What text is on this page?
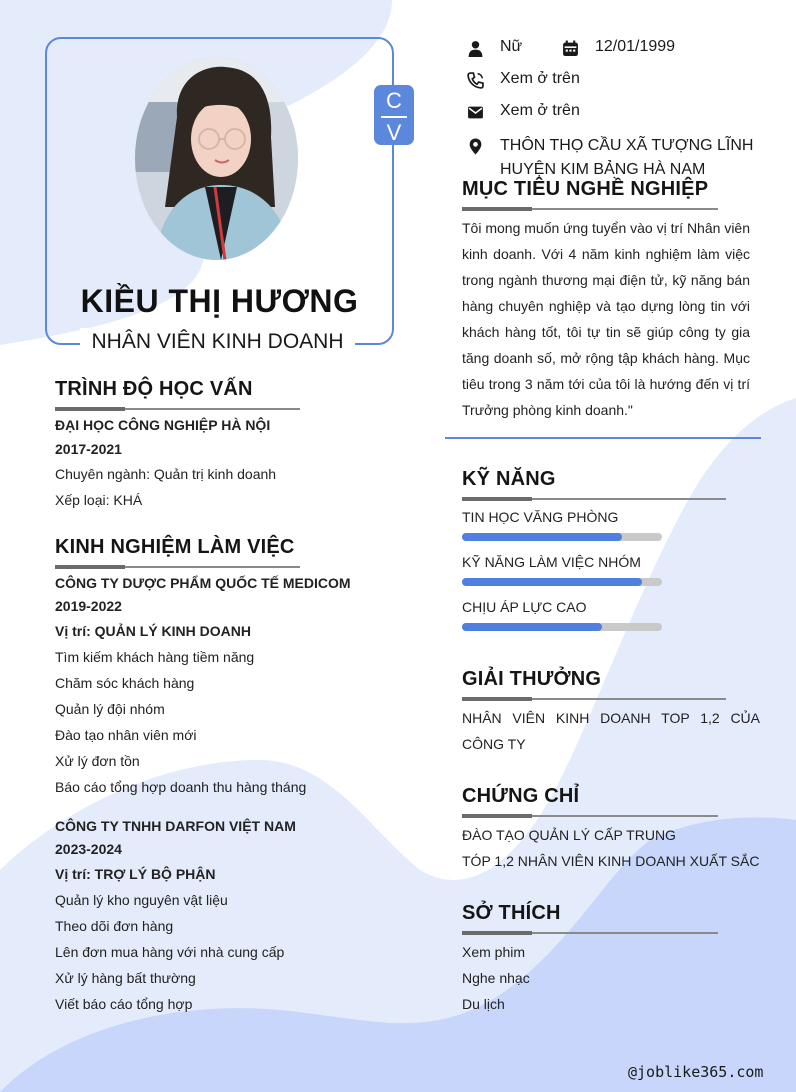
C
V
KIỀU THỊ HƯƠNG
NHÂN VIÊN KINH DOANH
Nữ	12/01/1999
Xem ở trên
Xem ở trên
THÔN THỌ CẦU XÃ TƯỢNG LĨNH
HUYỆN KIM BẢNG HÀ NAM
MỤC TIÊU NGHỀ NGHIỆP
Tôi mong muốn ứng tuyển vào vị trí Nhân viên kinh doanh. Với 4 năm kinh nghiệm làm việc trong ngành thương mại điện tử, kỹ năng bán hàng chuyên nghiệp và tạo dựng lòng tin với khách hàng tốt, tôi tự tin sẽ giúp công ty gia tăng doanh số, mở rộng tập khách hàng. Mục tiêu trong 3 năm tới của tôi là hướng đến vị trí Trưởng phòng kinh doanh."
TRÌNH ĐỘ HỌC VẤN
ĐẠI HỌC CÔNG NGHIỆP HÀ NỘI
2017-2021
Chuyên ngành: Quản trị kinh doanh
Xếp loại: KHÁ
KINH NGHIỆM LÀM VIỆC
CÔNG TY DƯỢC PHẨM QUỐC TẾ MEDICOM
2019-2022
Vị trí: QUẢN LÝ KINH DOANH
Tìm kiếm khách hàng tiềm năng
Chăm sóc khách hàng
Quản lý đội nhóm
Đào tạo nhân viên mới
Xử lý đơn tồn
Báo cáo tổng hợp doanh thu hàng tháng
CÔNG TY TNHH DARFON VIỆT NAM
2023-2024
Vị trí: TRỢ LÝ BỘ PHẬN
Quản lý kho nguyên vật liệu
Theo dõi đơn hàng
Lên đơn mua hàng với nhà cung cấp
Xử lý hàng bất thường
Viết báo cáo tổng hợp
KỸ NĂNG
TIN HỌC VĂNG PHÒNG
KỸ NĂNG LÀM VIỆC NHÓM
CHỊU ÁP LỰC CAO
GIẢI THƯỞNG
NHÂN VIÊN KINH DOANH TOP 1,2 CỦA CÔNG TY
CHỨNG CHỈ
ĐÀO TẠO QUẢN LÝ CẤP TRUNG
TÓP 1,2 NHÂN VIÊN KINH DOANH XUẤT SẮC
SỞ THÍCH
Xem phim
Nghe nhạc
Du lịch
@joblike365.com
